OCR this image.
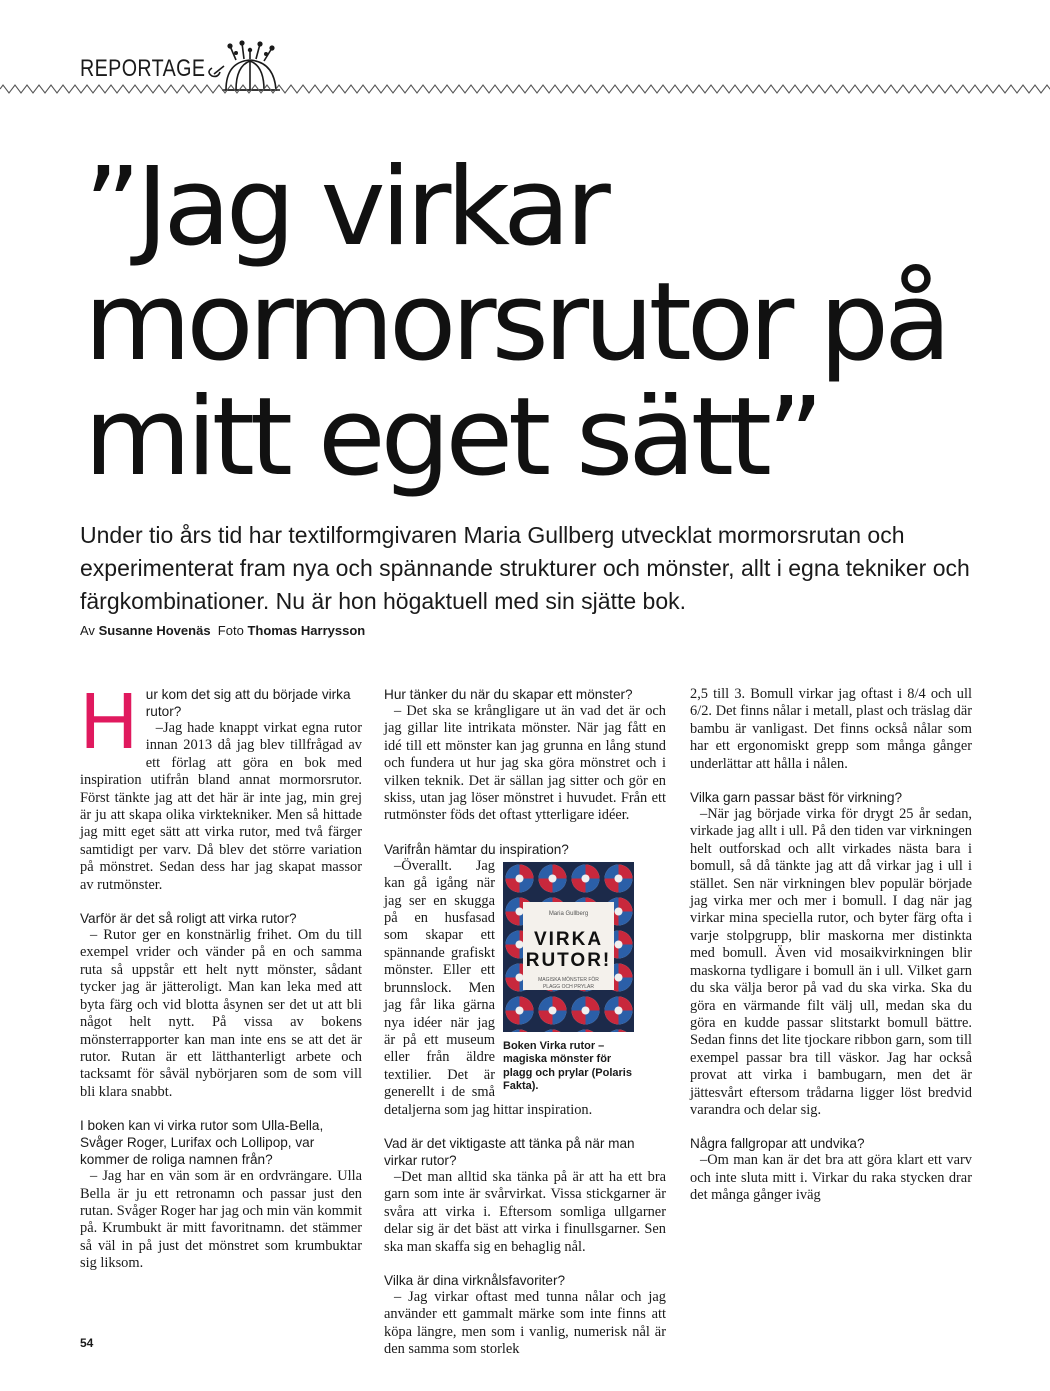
REPORTAGE
”Jag virkar
mormorsrutor på
mitt eget sätt”

Under tio års tid har textilformgivaren Maria Gullberg utvecklat mormorsrutan och experimenterat fram nya och spännande strukturer och mönster, allt i egna tekniker och färgkombinationer. Nu är hon högaktuell med sin sjätte bok.

Av Susanne Hovenäs Foto Thomas Harrysson
H ur kom det sig att du började virka rutor?

–Jag hade knappt virkat egna rutor innan 2013 då jag blev tillfrågad av ett förlag att göra en bok med inspiration utifrån bland annat mormorsrutor. Först tänkte jag att det här är inte jag, min grej är ju att skapa olika virktekniker. Men så hittade jag mitt eget sätt att virka rutor, med två färger samtidigt per varv. Då blev det större variation på mönstret. Sedan dess har jag skapat massor av rutmönster.

Varför är det så roligt att virka rutor?

– Rutor ger en konstnärlig frihet. Om du till exempel vrider och vänder på en och samma ruta så uppstår ett helt nytt mönster, sådant tycker jag är jätteroligt. Man kan leka med att byta färg och vid blotta åsynen ser det ut att bli något helt nytt. På vissa av bokens mönsterrapporter kan man inte ens se att det är rutor. Rutan är ett lätthanterligt arbete och tacksamt för såväl nybörjaren som de som vill bli klara snabbt.

I boken kan vi virka rutor som Ulla-Bella, Svåger Roger, Lurifax och Lollipop, var kommer de roliga namnen från?

– Jag har en vän som är en ordvrängare. Ulla Bella är ju ett retronamn och passar just den rutan. Svåger Roger har jag och min vän kommit på. Krumbukt är mitt favoritnamn. det stämmer så väl in på just det mönstret som krumbuktar sig liksom.

Hur tänker du när du skapar ett mönster?

– Det ska se krångligare ut än vad det är och jag gillar lite intrikata mönster. När jag fått en idé till ett mönster kan jag grunna en lång stund och fundera ut hur jag ska göra mönstret och i vilken teknik. Det är sällan jag sitter och gör en skiss, utan jag löser mönstret i huvudet. Från ett rutmönster föds det oftast ytterligare idéer.

Varifrån hämtar du inspiration?

Maria Gullberg
VIRKA
RUTOR!
MAGISKA MÖNSTER FÖR PLAGG OCH PRYLAR

Boken Virka rutor – magiska mönster för plagg och prylar (Polaris Fakta).

–Överallt. Jag kan gå igång när jag ser en skugga på en husfasad som skapar ett spännande grafiskt mönster. Eller ett brunnslock. Men jag får lika gärna nya idéer när jag är på ett museum eller från äldre textilier. Det är generellt i de små detaljerna som jag hittar inspiration.

Vad är det viktigaste att tänka på när man virkar rutor?

–Det man alltid ska tänka på är att ha ett bra garn som inte är svårvirkat. Vissa stickgarner är svåra att virka i. Eftersom somliga ullgarner delar sig är det bäst att virka i finullsgarner. Sen ska man skaffa sig en behaglig nål.

Vilka är dina virknålsfavoriter?

– Jag virkar oftast med tunna nålar och jag använder ett gammalt märke som inte finns att köpa längre, men som i vanlig, numerisk nål är den samma som storlek

2,5 till 3. Bomull virkar jag oftast i 8/4 och ull 6/2. Det finns nålar i metall, plast och träslag där bambu är vanligast. Det finns också nålar som har ett ergonomiskt grepp som många gånger underlättar att hålla i nålen.

Vilka garn passar bäst för virkning?

–När jag började virka för drygt 25 år sedan, virkade jag allt i ull. På den tiden var virkningen helt outforskad och allt virkades nästa bara i bomull, så då tänkte jag att då virkar jag i ull i stället. Sen när virkningen blev populär började jag virka mer och mer i bomull. I dag när jag virkar mina speciella rutor, och byter färg ofta i varje stolpgrupp, blir maskorna mer distinkta med bomull. Även vid mosaikvirkningen blir maskorna tydligare i bomull än i ull. Vilket garn du ska välja beror på vad du ska virka. Ska du göra en värmande filt välj ull, medan ska du göra en kudde passar slitstarkt bomull bättre. Sedan finns det lite tjockare ribbon garn, som till exempel passar bra till väskor. Jag har också provat att virka i bambugarn, men det är jättesvårt eftersom trådarna ligger löst bredvid varandra och delar sig.

Några fallgropar att undvika?

–Om man kan är det bra att göra klart ett varv och inte sluta mitt i. Virkar du raka stycken drar det många gånger iväg

54
